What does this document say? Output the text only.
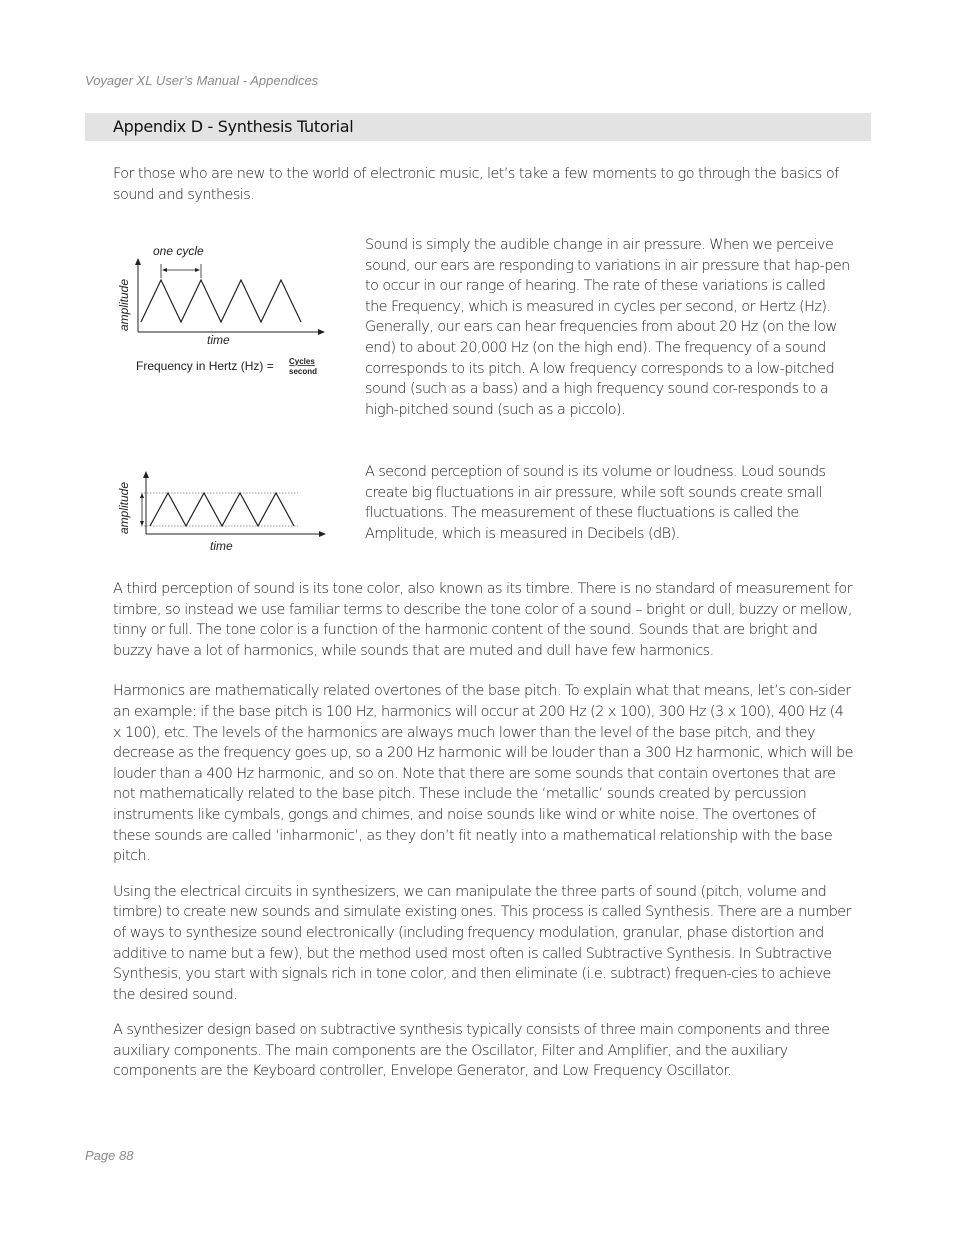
Voyager XL User’s Manual - Appendices
Appendix D - Synthesis Tutorial

For those who are new to the world of electronic music, let’s take a few moments to go through the basics of sound and synthesis.

one cycle
amplitude
time
Frequency in Hertz (Hz) = Cycles
second

Sound is simply the audible change in air pressure. When we perceive sound, our ears are responding to variations in air pressure that hap-pen to occur in our range of hearing. The rate of these variations is called the Frequency, which is measured in cycles per second, or Hertz (Hz). Generally, our ears can hear frequencies from about 20 Hz (on the low end) to about 20,000 Hz (on the high end). The frequency of a sound corresponds to its pitch. A low frequency corresponds to a low-pitched sound (such as a bass) and a high frequency sound cor-responds to a high-pitched sound (such as a piccolo).

amplitude
time

A second perception of sound is its volume or loudness. Loud sounds create big fluctuations in air pressure, while soft sounds create small fluctuations. The measurement of these fluctuations is called the Amplitude, which is measured in Decibels (dB).

A third perception of sound is its tone color, also known as its timbre. There is no standard of measurement for timbre, so instead we use familiar terms to describe the tone color of a sound – bright or dull, buzzy or mellow, tinny or full. The tone color is a function of the harmonic content of the sound. Sounds that are bright and buzzy have a lot of harmonics, while sounds that are muted and dull have few harmonics.

Harmonics are mathematically related overtones of the base pitch. To explain what that means, let’s con-sider an example: if the base pitch is 100 Hz, harmonics will occur at 200 Hz (2 x 100), 300 Hz (3 x 100), 400 Hz (4 x 100), etc. The levels of the harmonics are always much lower than the level of the base pitch, and they decrease as the frequency goes up, so a 200 Hz harmonic will be louder than a 300 Hz harmonic, which will be louder than a 400 Hz harmonic, and so on. Note that there are some sounds that contain overtones that are not mathematically related to the base pitch. These include the ‘metallic’ sounds created by percussion instruments like cymbals, gongs and chimes, and noise sounds like wind or white noise. The overtones of these sounds are called ‘inharmonic’, as they don’t fit neatly into a mathematical relationship with the base pitch.

Using the electrical circuits in synthesizers, we can manipulate the three parts of sound (pitch, volume and timbre) to create new sounds and simulate existing ones. This process is called Synthesis. There are a number of ways to synthesize sound electronically (including frequency modulation, granular, phase distortion and additive to name but a few), but the method used most often is called Subtractive Synthesis. In Subtractive Synthesis, you start with signals rich in tone color, and then eliminate (i.e. subtract) frequen-cies to achieve the desired sound.

A synthesizer design based on subtractive synthesis typically consists of three main components and three auxiliary components. The main components are the Oscillator, Filter and Amplifier, and the auxiliary components are the Keyboard controller, Envelope Generator, and Low Frequency Oscillator.

Page 88
